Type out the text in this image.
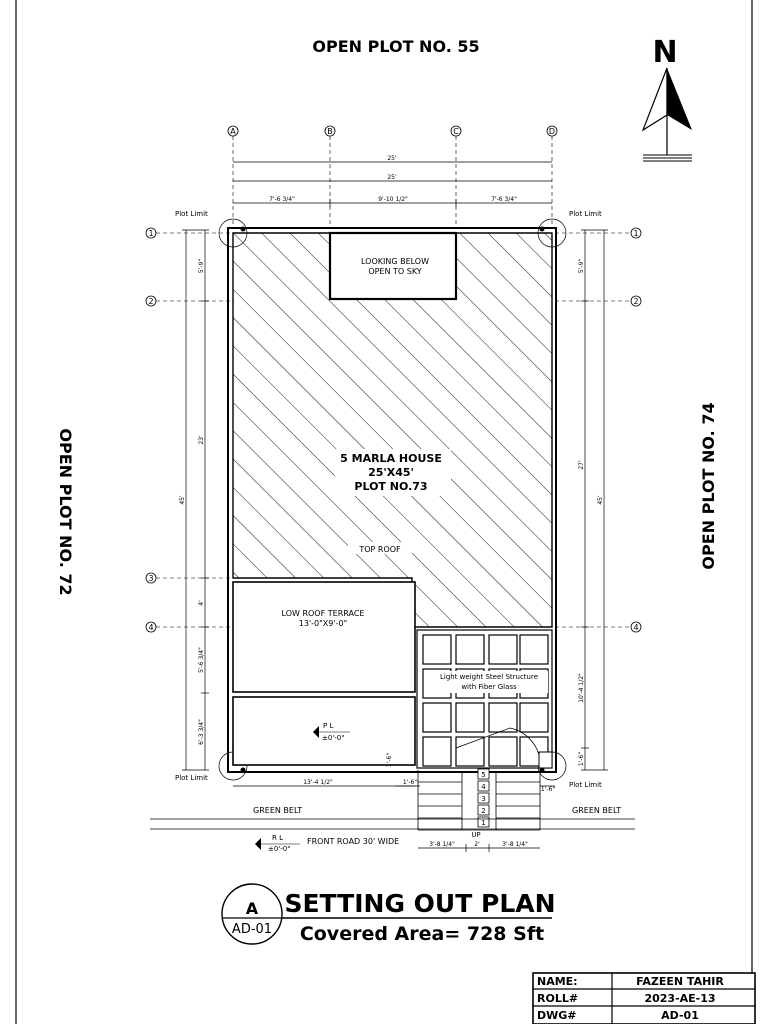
OPEN PLOT NO. 55
OPEN PLOT NO. 72	OPEN PLOT NO. 74
N
A	B	C	D
1
2
3
4
1
2
4
25'
25'
7'-6 3/4"	9'-10 1/2"	7'-6 3/4"
Plot Limit	Plot Limit
Plot Limit
Plot Limit
45'
5'-9"
23'
4'
5'-6 3/4"
6'-3 3/4"
45'
5'-9"
27'
10'-4 1/2"
1'-6"
5
4
3
2
1
UP
13'-4 1/2"	1'-6"
1'-6"
1'-6"
3'-8 1/4"	2'	3'-8 1/4"
GREEN BELT	GREEN BELT
FRONT ROAD 30' WIDE
P L
±0'-0"
R L
±0'-0"
LOOKING BELOW
OPEN TO SKY
5 MARLA HOUSE
25'X45'
PLOT NO.73
TOP ROOF
LOW ROOF TERRACE
13'-0"X9'-0"
Light weight Steel Structure
with Fiber Glass
A
AD-01
SETTING OUT PLAN
Covered Area= 728 Sft
NAME:	FAZEEN TAHIR
ROLL#	2023-AE-13
DWG#	AD-01
